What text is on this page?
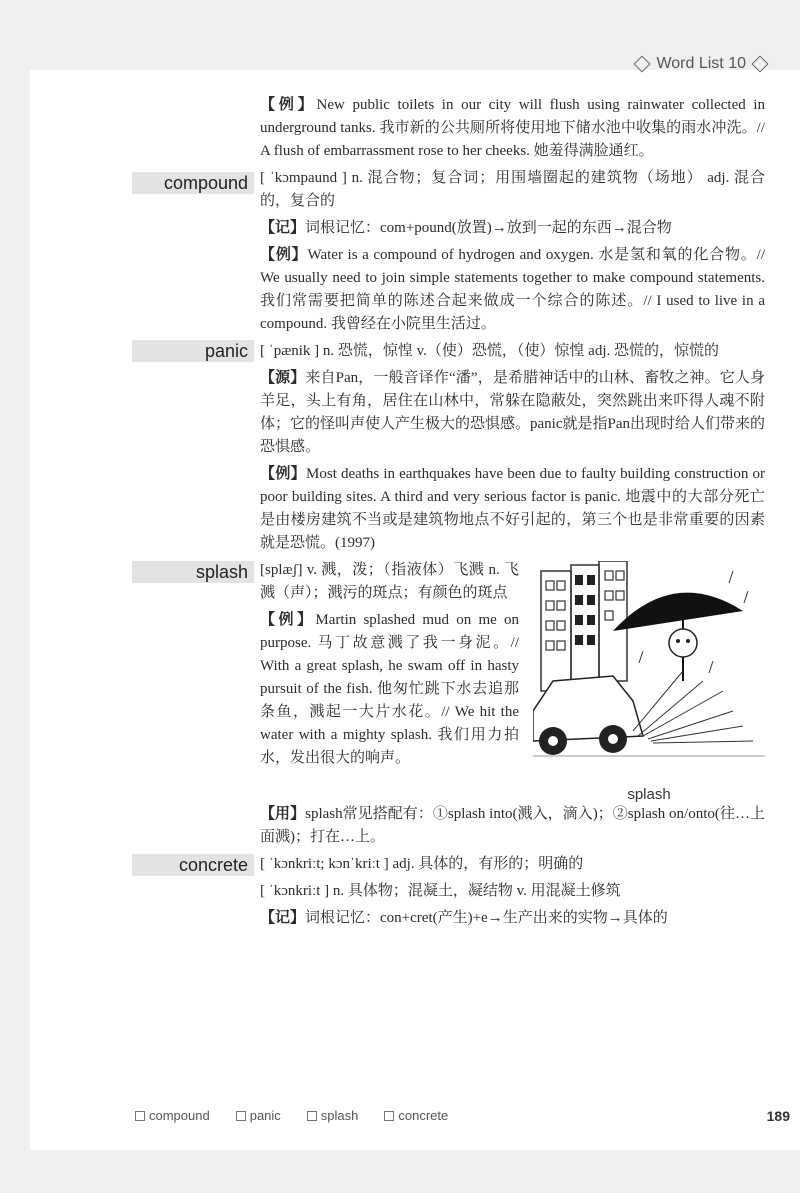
Word List 10

【例】New public toilets in our city will flush using rainwater collected in underground tanks. 我市新的公共厕所将使用地下储水池中收集的雨水冲洗。// A flush of embarrassment rose to her cheeks. 她羞得满脸通红。

compound [ ˈkɔmpaund ] n. 混合物；复合词；用围墙圈起的建筑物（场地） adj. 混合的，复合的

【记】词根记忆：com+pound(放置)→放到一起的东西→混合物

【例】Water is a compound of hydrogen and oxygen. 水是氢和氧的化合物。// We usually need to join simple statements together to make compound statements. 我们常需要把简单的陈述合起来做成一个综合的陈述。// I used to live in a compound. 我曾经在小院里生活过。

panic [ ˈpænik ] n. 恐慌，惊惶 v.（使）恐慌，（使）惊惶 adj. 恐慌的，惊慌的

【源】来自Pan，一般音译作“潘”，是希腊神话中的山林、畜牧之神。它人身羊足，头上有角，居住在山林中，常躲在隐蔽处，突然跳出来吓得人魂不附体；它的怪叫声使人产生极大的恐惧感。panic就是指Pan出现时给人们带来的恐惧感。

【例】Most deaths in earthquakes have been due to faulty building construction or poor building sites. A third and very serious factor is panic. 地震中的大部分死亡是由楼房建筑不当或是建筑物地点不好引起的，第三个也是非常重要的因素就是恐慌。(1997)

splash
splash

[splæʃ] v. 溅，泼；（指液体）飞溅 n. 飞溅（声）；溅污的斑点；有颜色的斑点

【例】Martin splashed mud on me on purpose. 马丁故意溅了我一身泥。// With a great splash, he swam off in hasty pursuit of the fish. 他匆忙跳下水去追那条鱼，溅起一大片水花。// We hit the water with a mighty splash. 我们用力拍水，发出很大的响声。

【用】splash常见搭配有：①splash into(溅入，滴入)；②splash on/onto(往…上面溅)；打在…上。

concrete [ ˈkɔnkriːt; kɔnˈkriːt ] adj. 具体的，有形的；明确的

[ ˈkɔnkriːt ] n. 具体物；混凝土，凝结物 v. 用混凝土修筑

【记】词根记忆：con+cret(产生)+e→生产出来的实物→具体的

compound	panic	splash	concrete	189
